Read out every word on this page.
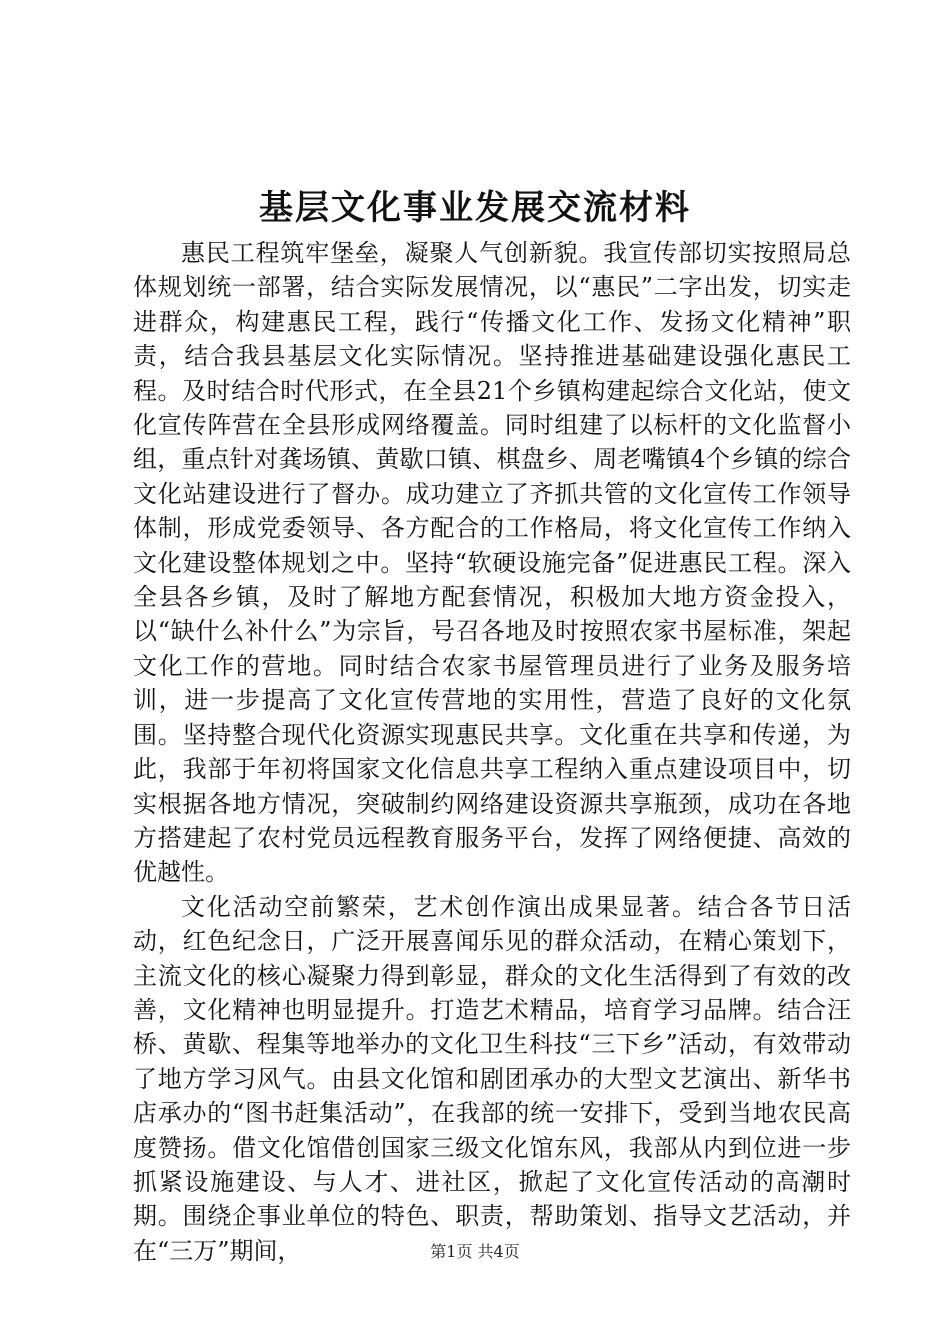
基层文化事业发展交流材料

惠民工程筑牢堡垒，凝聚人气创新貌。我宣传部切实按照局总体规划统一部署，结合实际发展情况，以“惠民”二字出发，切实走进群众，构建惠民工程，践行“传播文化工作、发扬文化精神”职责，结合我县基层文化实际情况。坚持推进基础建设强化惠民工程。及时结合时代形式，在全县21个乡镇构建起综合文化站，使文化宣传阵营在全县形成网络覆盖。同时组建了以标杆的文化监督小组，重点针对龚场镇、黄歇口镇、棋盘乡、周老嘴镇4个乡镇的综合文化站建设进行了督办。成功建立了齐抓共管的文化宣传工作领导体制，形成党委领导、各方配合的工作格局，将文化宣传工作纳入文化建设整体规划之中。坚持“软硬设施完备”促进惠民工程。深入全县各乡镇，及时了解地方配套情况，积极加大地方资金投入，以“缺什么补什么”为宗旨，号召各地及时按照农家书屋标准，架起文化工作的营地。同时结合农家书屋管理员进行了业务及服务培训，进一步提高了文化宣传营地的实用性，营造了良好的文化氛围。坚持整合现代化资源实现惠民共享。文化重在共享和传递，为此，我部于年初将国家文化信息共享工程纳入重点建设项目中，切实根据各地方情况，突破制约网络建设资源共享瓶颈，成功在各地方搭建起了农村党员远程教育服务平台，发挥了网络便捷、高效的优越性。

文化活动空前繁荣，艺术创作演出成果显著。结合各节日活动，红色纪念日，广泛开展喜闻乐见的群众活动，在精心策划下，主流文化的核心凝聚力得到彰显，群众的文化生活得到了有效的改善，文化精神也明显提升。打造艺术精品，培育学习品牌。结合汪桥、黄歇、程集等地举办的文化卫生科技“三下乡”活动，有效带动了地方学习风气。由县文化馆和剧团承办的大型文艺演出、新华书店承办的“图书赶集活动”，在我部的统一安排下，受到当地农民高度赞扬。借文化馆借创国家三级文化馆东风，我部从内到位进一步抓紧设施建设、与人才、进社区，掀起了文化宣传活动的高潮时期。围绕企事业单位的特色、职责，帮助策划、指导文艺活动，并在“三万”期间，	第1页 共4页
